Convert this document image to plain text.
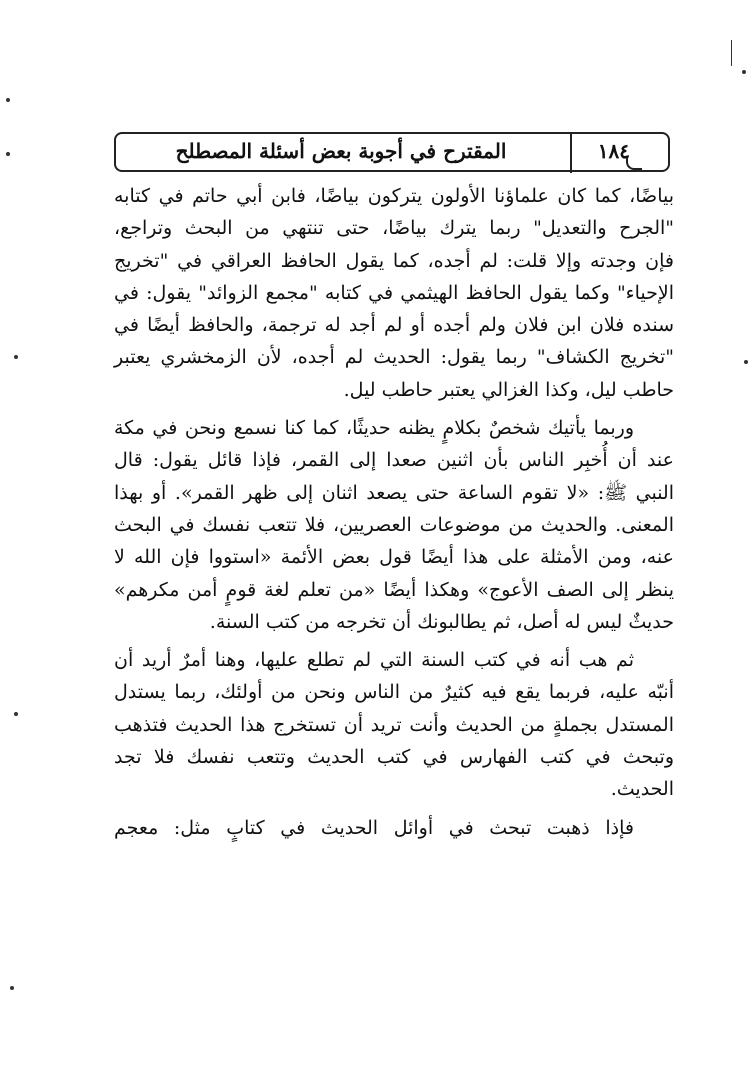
المقترح في أجوبة بعض أسئلة المصطلح	١٨٤
بياضًا، كما كان علماؤنا الأولون يتركون بياضًا، فابن أبي حاتم في كتابه
"الجرح والتعديل" ربما يترك بياضًا، حتى تنتهي من البحث وتراجع،
فإن وجدته وإلا قلت: لم أجده، كما يقول الحافظ العراقي في "تخريج
الإحياء" وكما يقول الحافظ الهيثمي في كتابه "مجمع الزوائد" يقول: في
سنده فلان ابن فلان ولم أجده أو لم أجد له ترجمة، والحافظ أيضًا في
"تخريج الكشاف" ربما يقول: الحديث لم أجده، لأن الزمخشري يعتبر
حاطب ليل، وكذا الغزالي يعتبر حاطب ليل.
وربما يأتيك شخصٌ بكلامٍ يظنه حديثًا، كما كنا نسمع ونحن في مكة
عند أن أُخبِر الناس بأن اثنين صعدا إلى القمر، فإذا قائل يقول: قال
النبي ﷺ: «لا تقوم الساعة حتى يصعد اثنان إلى ظهر القمر». أو بهذا
المعنى. والحديث من موضوعات العصريين، فلا تتعب نفسك في البحث
عنه، ومن الأمثلة على هذا أيضًا قول بعض الأئمة «استووا فإن الله لا
ينظر إلى الصف الأعوج» وهكذا أيضًا «من تعلم لغة قومٍ أمن مكرهم»
حديثٌ ليس له أصل، ثم يطالبونك أن تخرجه من كتب السنة.
ثم هب أنه في كتب السنة التي لم تطلع عليها، وهنا أمرٌ أريد أن
أنبّه عليه، فربما يقع فيه كثيرٌ من الناس ونحن من أولئك، ربما يستدل
المستدل بجملةٍ من الحديث وأنت تريد أن تستخرج هذا الحديث فتذهب
وتبحث في كتب الفهارس في كتب الحديث وتتعب نفسك فلا تجد
الحديث.
فإذا ذهبت تبحث في أوائل الحديث في كتابٍ مثل: معجم
